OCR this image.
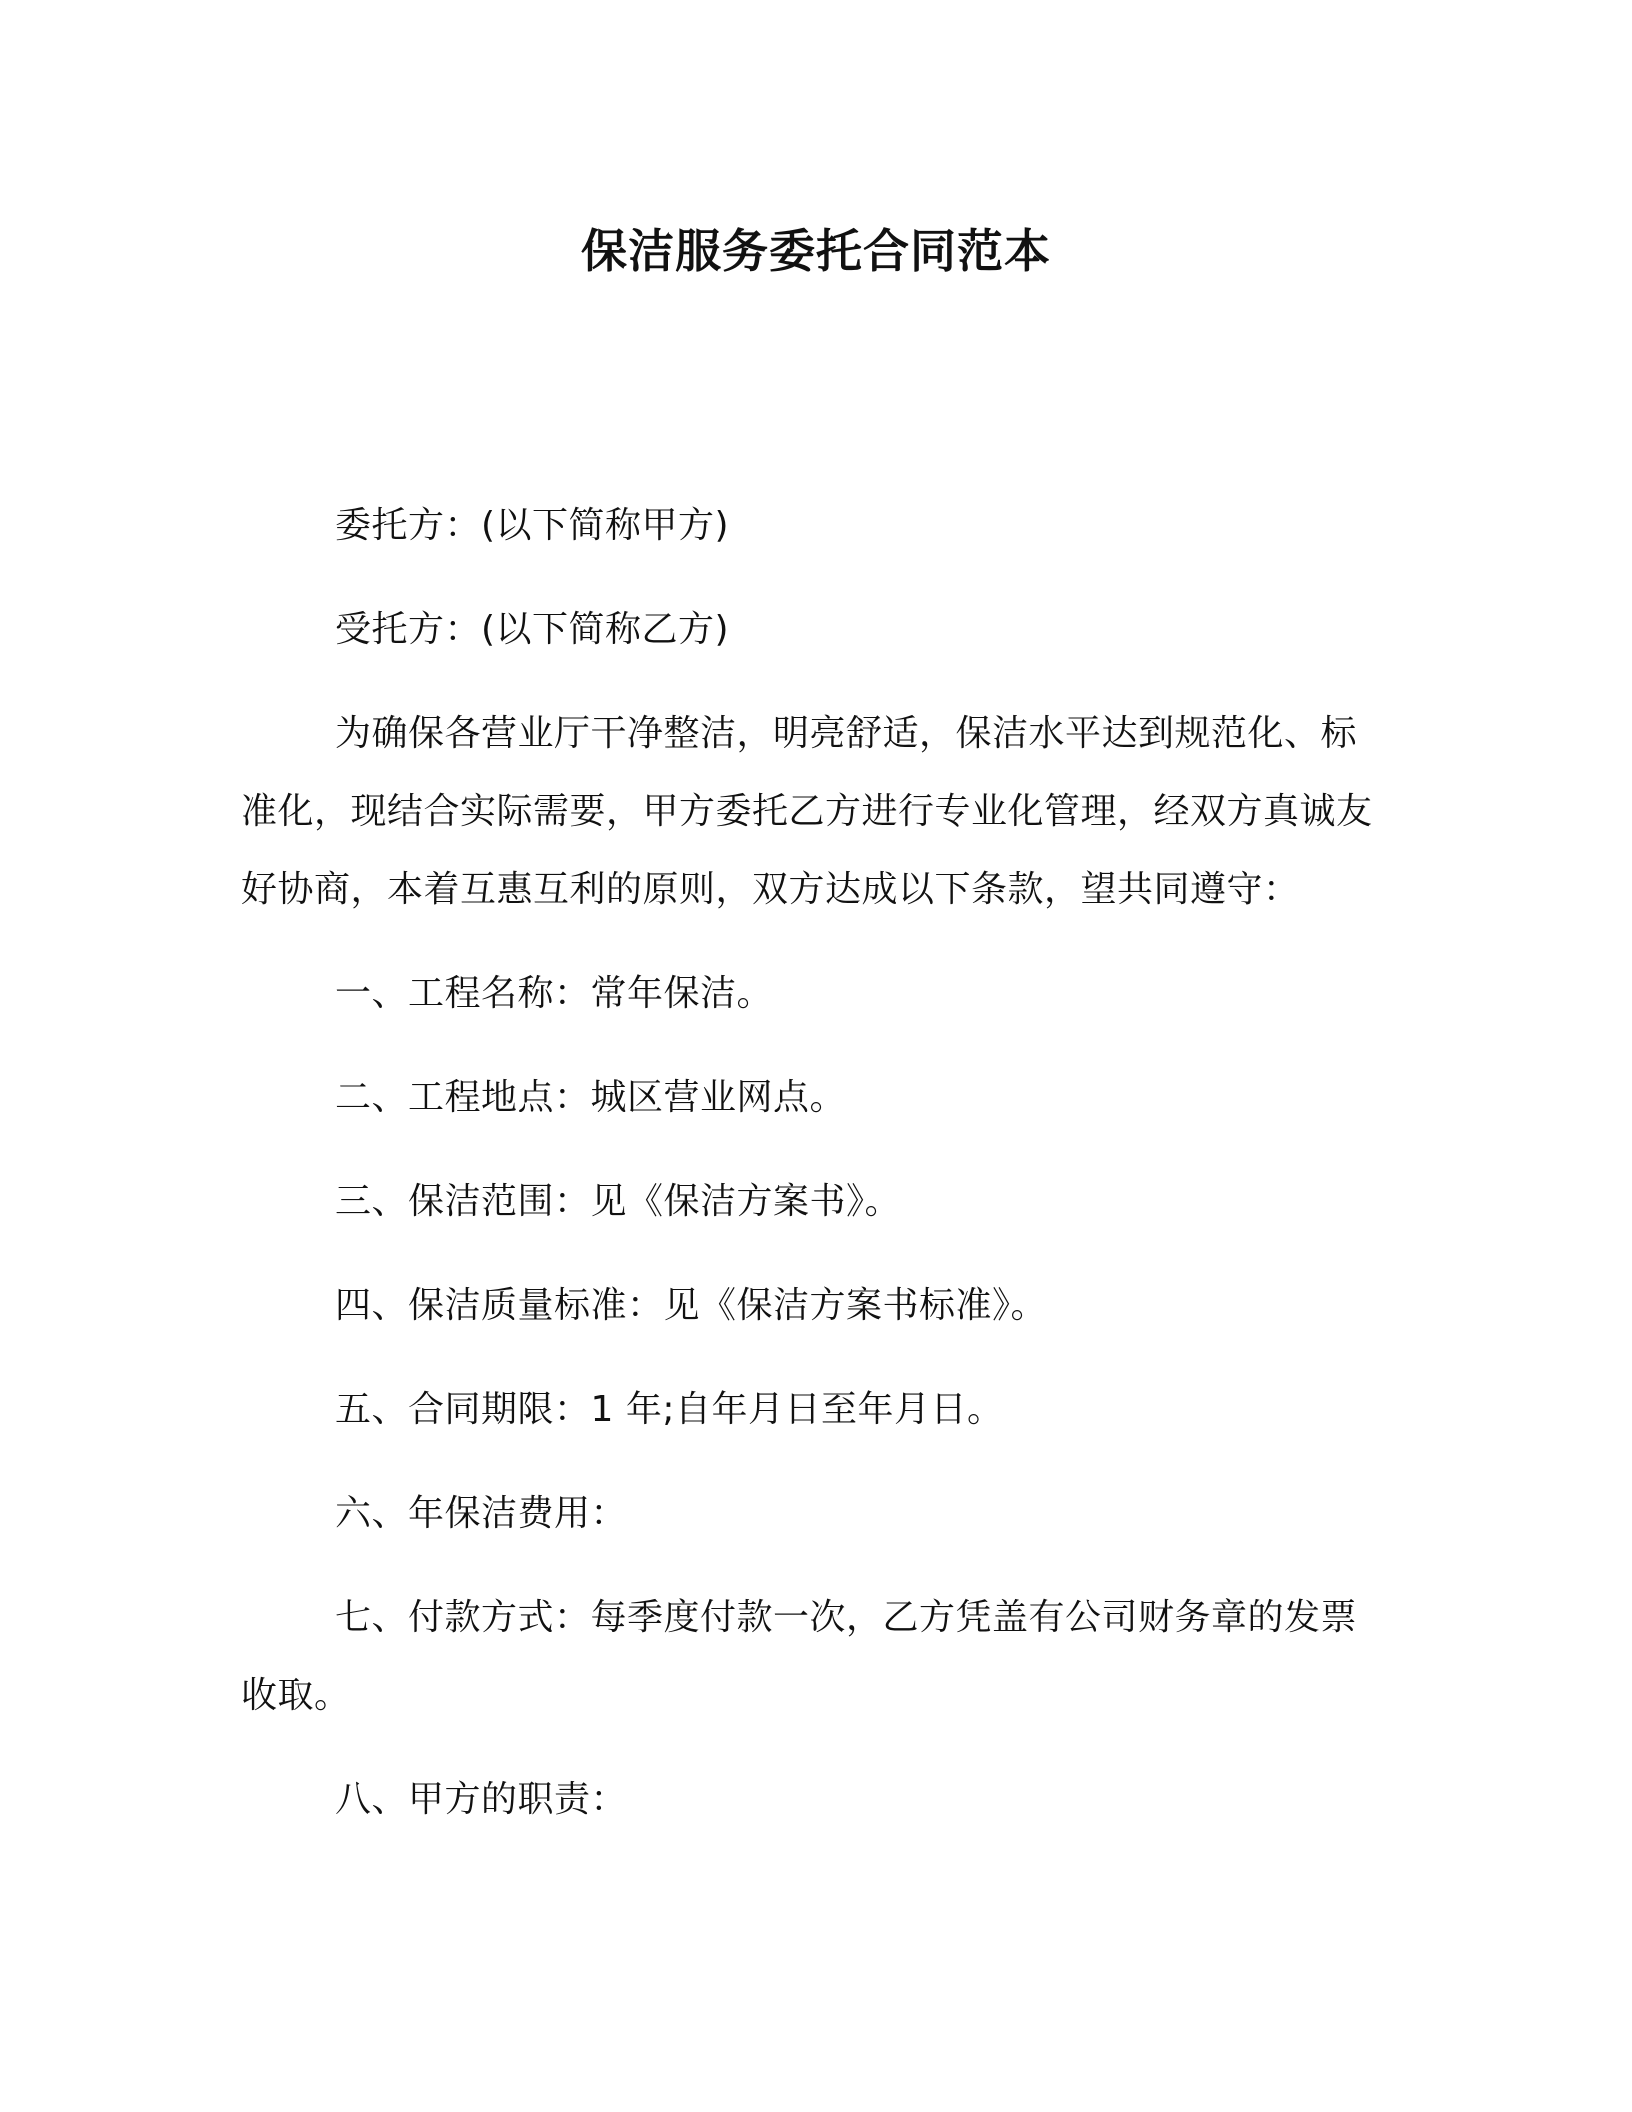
保洁服务委托合同范本

委托方：(以下简称甲方)

受托方：(以下简称乙方)

为确保各营业厅干净整洁，明亮舒适，保洁水平达到规范化、标准化，现结合实际需要，甲方委托乙方进行专业化管理，经双方真诚友好协商，本着互惠互利的原则，双方达成以下条款，望共同遵守：

一、工程名称：常年保洁。

二、工程地点：城区营业网点。

三、保洁范围：见《保洁方案书》。

四、保洁质量标准：见《保洁方案书标准》。

五、合同期限：1 年;自年月日至年月日。

六、年保洁费用：

七、付款方式：每季度付款一次，乙方凭盖有公司财务章的发票收取。

八、甲方的职责：
